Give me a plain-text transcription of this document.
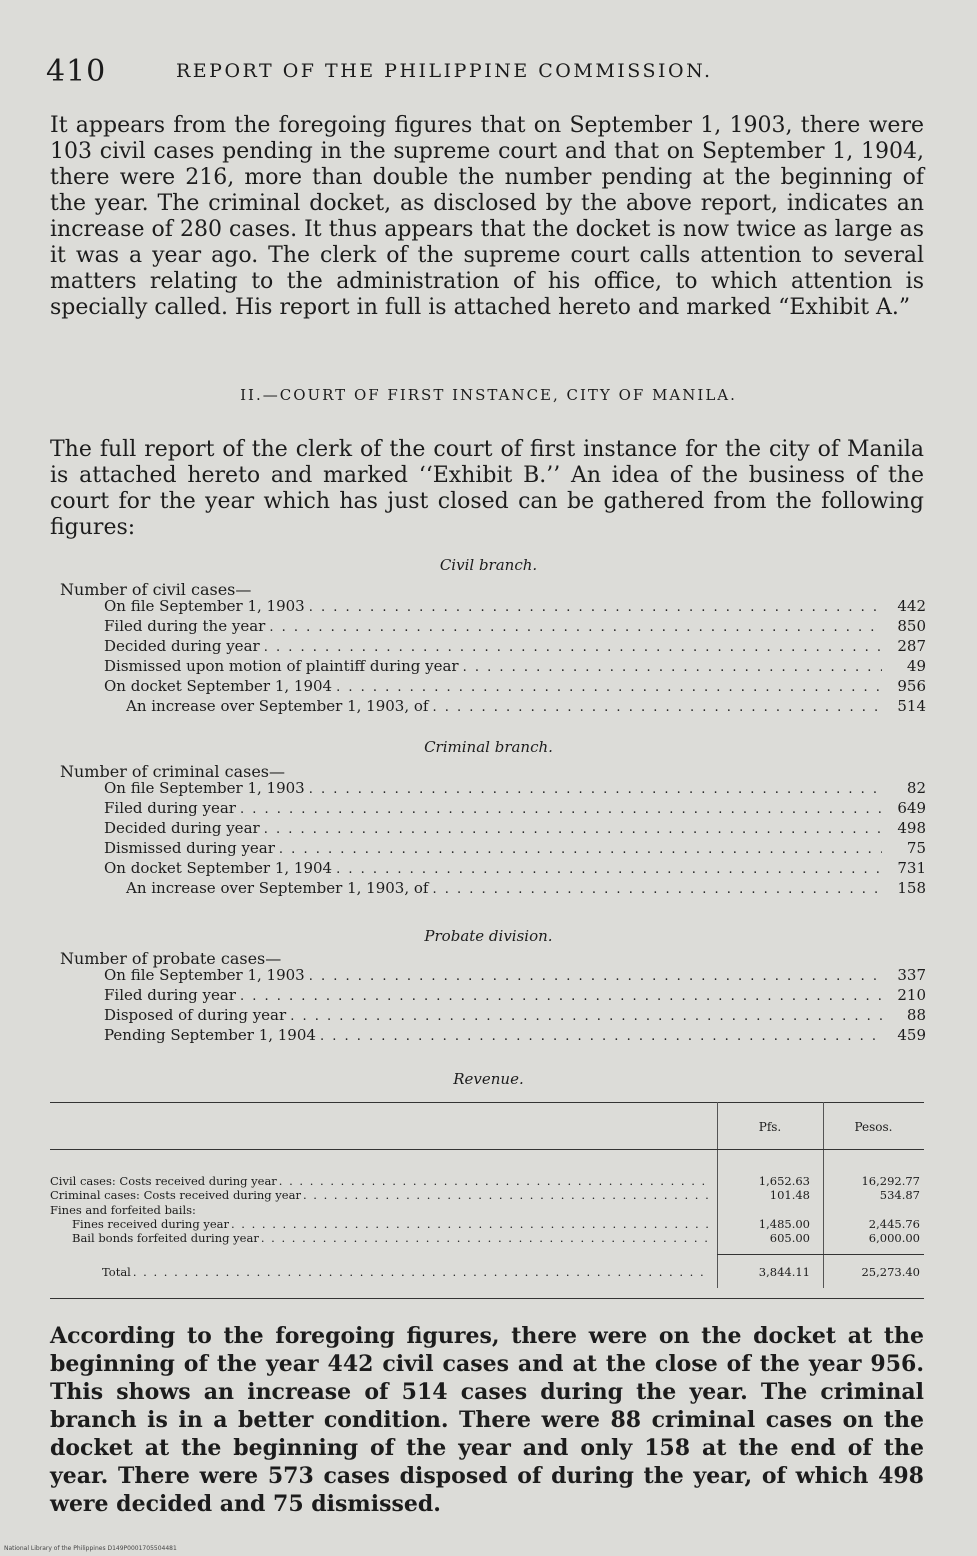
410	REPORT OF THE PHILIPPINE COMMISSION.
It appears from the foregoing figures that on September 1, 1903, there were 103 civil cases pending in the supreme court and that on September 1, 1904, there were 216, more than double the number pending at the beginning of the year. The criminal docket, as disclosed by the above report, indicates an increase of 280 cases. It thus appears that the docket is now twice as large as it was a year ago. The clerk of the supreme court calls attention to several matters relating to the administration of his office, to which attention is specially called. His report in full is attached hereto and marked “Exhibit A.”
II.—COURT OF FIRST INSTANCE, CITY OF MANILA.
The full report of the clerk of the court of first instance for the city of Manila is attached hereto and marked ‘‘Exhibit B.’’ An idea of the business of the court for the year which has just closed can be gathered from the following figures:
Civil branch.
Number of civil cases—
On file September 1, 1903 . . .	442
Filed during the year . . .	850
Decided during year . . .	287
Dismissed upon motion of plaintiff during year . . .	49
On docket September 1, 1904 . . .	956
An increase over September 1, 1903, of . . .	514
Criminal branch.
Number of criminal cases—
On file September 1, 1903 . . .	82
Filed during year . . .	649
Decided during year . . .	498
Dismissed during year . . .	75
On docket September 1, 1904 . . .	731
An increase over September 1, 1903, of . . .	158
Probate division.
Number of probate cases—
On file September 1, 1903 . . .	337
Filed during year . . .	210
Disposed of during year . . .	88
Pending September 1, 1904 . . .	459
Revenue.
Pfs.	Pesos.
Civil cases: Costs received during year . . .	1,652.63	16,292.77
Criminal cases: Costs received during year . . .	101.48	534.87
Fines and forfeited bails:
Fines received during year . . .	1,485.00	2,445.76
Bail bonds forfeited during year . . .	605.00	6,000.00
Total . . .	3,844.11	25,273.40
According to the foregoing figures, there were on the docket at the beginning of the year 442 civil cases and at the close of the year 956. This shows an increase of 514 cases during the year. The criminal branch is in a better condition. There were 88 criminal cases on the docket at the beginning of the year and only 158 at the end of the year. There were 573 cases disposed of during the year, of which 498 were decided and 75 dismissed.
National Library of the Philippines D149P0001705504481
